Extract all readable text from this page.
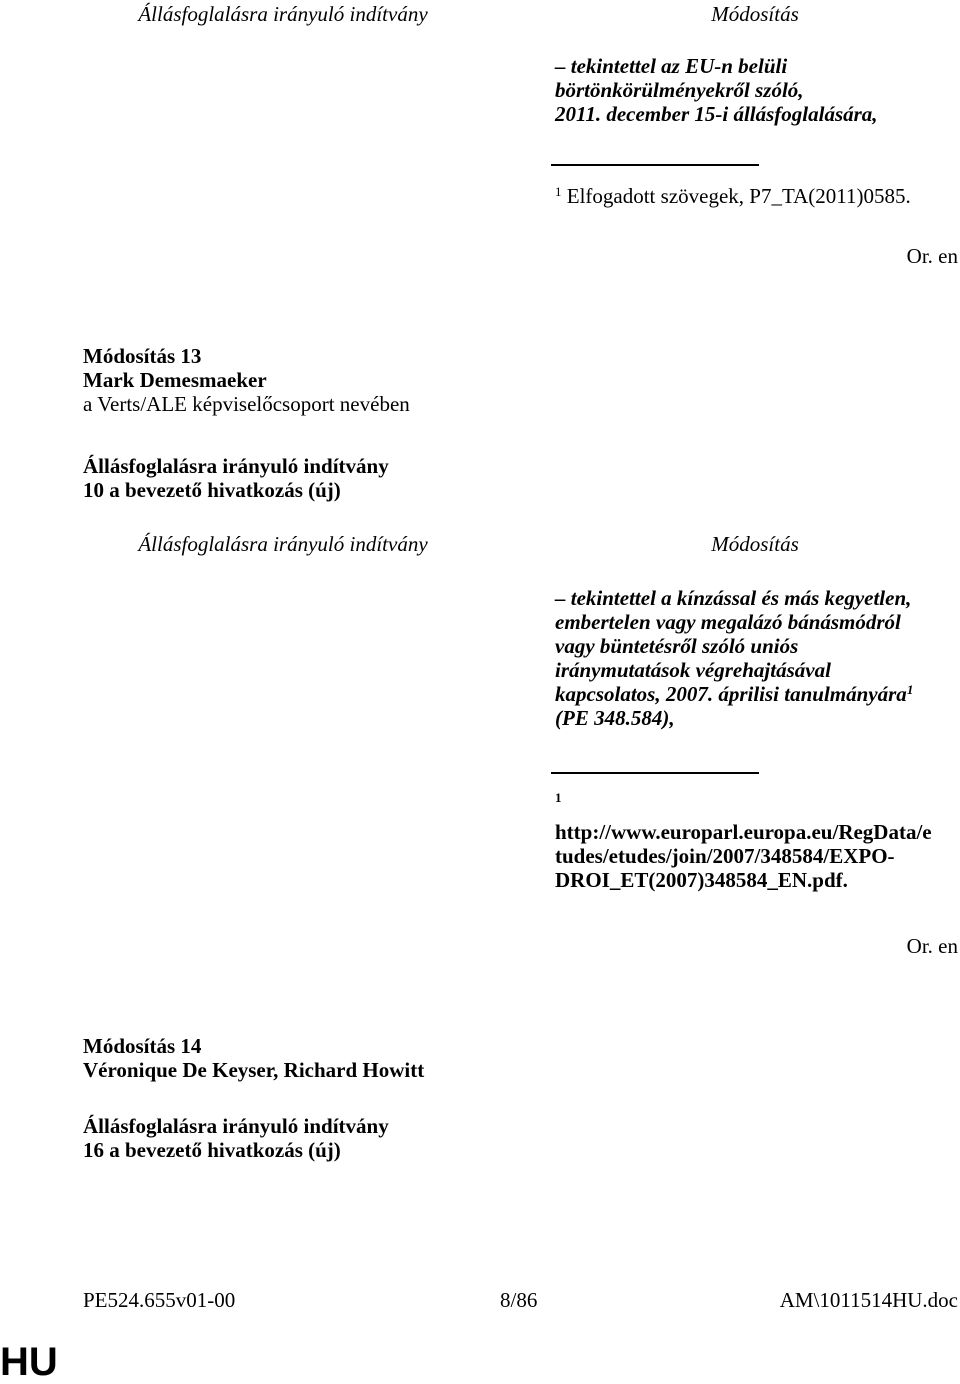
Állásfoglalásra irányuló indítvány	Módosítás
– tekintettel az EU-n belüli
börtönkörülményekről szóló,
2011. december 15-i állásfoglalására,
$^1$ Elfogadott szövegek, P7_TA(2011)0585.
Or. en
Módosítás 13
Mark Demesmaeker
a Verts/ALE képviselőcsoport nevében
Állásfoglalásra irányuló indítvány
10 a bevezető hivatkozás (új)
Állásfoglalásra irányuló indítvány	Módosítás
– tekintettel a kínzással és más kegyetlen,
embertelen vagy megalázó bánásmódról
vagy büntetésről szóló uniós
iránymutatások végrehajtásával
kapcsolatos, 2007. áprilisi tanulmányára$^1$
(PE 348.584),
$^1$
http://www.europarl.europa.eu/RegData/e
tudes/etudes/join/2007/348584/EXPO-
DROI_ET(2007)348584_EN.pdf.
Or. en
Módosítás 14
Véronique De Keyser, Richard Howitt
Állásfoglalásra irányuló indítvány
16 a bevezető hivatkozás (új)
PE524.655v01-00	8/86	AM\1011514HU.doc
HU
